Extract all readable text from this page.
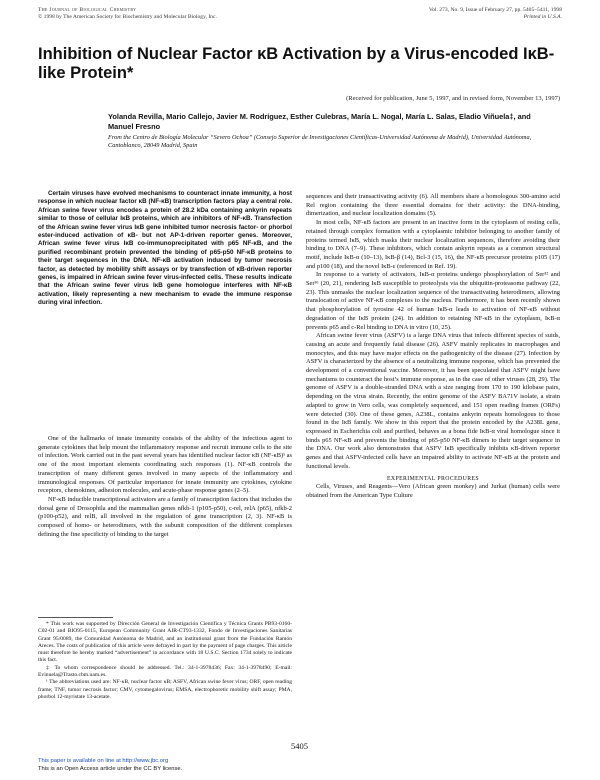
The Journal of Biological Chemistry
© 1998 by The American Society for Biochemistry and Molecular Biology, Inc.
Vol. 273, No. 9, Issue of February 27, pp. 5405–5411, 1998
Printed in U.S.A.
Inhibition of Nuclear Factor κB Activation by a Virus-encoded IκB-like Protein*
(Received for publication, June 5, 1997, and in revised form, November 13, 1997)
Yolanda Revilla, Mario Callejo, Javier M. Rodríguez, Esther Culebras, María L. Nogal, María L. Salas, Eladio Viñuela‡, and Manuel Fresno
From the Centro de Biología Molecular “Severo Ochoa” (Consejo Superior de Investigaciones Científicas-Universidad Autónoma de Madrid), Universidad Autónoma, Cantoblanco, 28049 Madrid, Spain
Certain viruses have evolved mechanisms to counteract innate immunity, a host response in which nuclear factor κB (NF-κB) transcription factors play a central role. African swine fever virus encodes a protein of 28.2 kDa containing ankyrin repeats similar to those of cellular IκB proteins, which are inhibitors of NF-κB. Transfection of the African swine fever virus IκB gene inhibited tumor necrosis factor- or phorbol ester-induced activation of κB- but not AP-1-driven reporter genes. Moreover, African swine fever virus IκB co-immunoprecipitated with p65 NF-κB, and the purified recombinant protein prevented the binding of p65-p50 NF-κB proteins to their target sequences in the DNA. NF-κB activation induced by tumor necrosis factor, as detected by mobility shift assays or by transfection of κB-driven reporter genes, is impaired in African swine fever virus-infected cells. These results indicate that the African swine fever virus IκB gene homologue interferes with NF-κB activation, likely representing a new mechanism to evade the immune response during viral infection.

One of the hallmarks of innate immunity consists of the ability of the infectious agent to generate cytokines that help mount the inflammatory response and recruit immune cells to the site of infection. Work carried out in the past several years has identified nuclear factor κB (NF-κB)¹ as one of the most important elements coordinating such responses (1). NF-κB controls the transcription of many different genes involved in many aspects of the inflammatory and immunological responses. Of particular importance for innate immunity are cytokines, cytokine receptors, chemokines, adhesion molecules, and acute-phase response genes (2–5).

NF-κB inducible transcriptional activators are a family of transcription factors that includes the dorsal gene of Drosophila and the mammalian genes nfkb-1 (p105-p50), c-rel, relA (p65), nfkb-2 (p100-p52), and relB, all involved in the regulation of gene transcription (2, 3). NF-κB is composed of homo- or heterodimers, with the subunit composition of the different complexes defining the fine specificity of binding to the target

* This work was supported by Dirección General de Investigación Científica y Técnica Grants PB93-0160-C02-01 and BIO95-0115, European Community Grant AIR-CT93-1332, Fondo de Investigaciones Sanitarias Grant 95/0089, the Comunidad Autónoma de Madrid, and an institutional grant from the Fundación Ramón Areces. The costs of publication of this article were defrayed in part by the payment of page charges. This article must therefore be hereby marked “advertisement” in accordance with 18 U.S.C. Section 1734 solely to indicate this fact.

‡ To whom correspondence should be addressed. Tel.: 34-1-3978436; Fax: 34-1-3978490; E-mail: Evinuela@Trasto.cbm.uam.es.

¹ The abbreviations used are: NF-κB, nuclear factor κB; ASFV, African swine fever virus; ORF, open reading frame; TNF, tumor necrosis factor; CMV, cytomegalovirus; EMSA, electrophoretic mobility shift assay; PMA, phorbol 12-myristate 13-acetate.

sequences and their transactivating activity (6). All members share a homologous 300-amino acid Rel region containing the three essential domains for their activity: the DNA-binding, dimerization, and nuclear localization domains (5).

In most cells, NF-κB factors are present in an inactive form in the cytoplasm of resting cells, retained through complex formation with a cytoplasmic inhibitor belonging to another family of proteins termed IκB, which masks their nuclear localization sequences, therefore avoiding their binding to DNA (7–9). These inhibitors, which contain ankyrin repeats as a common structural motif, include IκB-α (10–13), IκB-β (14), Bcl-3 (15, 16), the NF-κB precursor proteins p105 (17) and p100 (18), and the novel IκB-ε (referenced in Ref. 19).

In response to a variety of activators, IκB-α proteins undergo phosphorylation of Ser³² and Ser³⁶ (20, 21), rendering IκB susceptible to proteolysis via the ubiquitin-proteasome pathway (22, 23). This unmasks the nuclear localization sequence of the transactivating heterodimers, allowing translocation of active NF-κB complexes to the nucleus. Furthermore, it has been recently shown that phosphorylation of tyrosine 42 of human IκB-α leads to activation of NF-κB without degradation of the IκB protein (24). In addition to retaining NF-κB in the cytoplasm, IκB-α prevents p65 and c-Rel binding to DNA in vitro (10, 25).

African swine fever virus (ASFV) is a large DNA virus that infects different species of suids, causing an acute and frequently fatal disease (26). ASFV mainly replicates in macrophages and monocytes, and this may have major effects on the pathogenicity of the disease (27). Infection by ASFV is characterized by the absence of a neutralizing immune response, which has prevented the development of a conventional vaccine. Moreover, it has been speculated that ASFV might have mechanisms to counteract the host’s immune response, as in the case of other viruses (28, 29). The genome of ASFV is a double-stranded DNA with a size ranging from 170 to 190 kilobase pairs, depending on the virus strain. Recently, the entire genome of the ASFV BA71V isolate, a strain adapted to grow in Vero cells, was completely sequenced, and 151 open reading frames (ORFs) were detected (30). One of these genes, A238L, contains ankyrin repeats homologous to those found in the IκB family. We show in this report that the protein encoded by the A238L gene, expressed in Escherichia coli and purified, behaves as a bona fide IκB-α viral homologue since it binds p65 NF-κB and prevents the binding of p65-p50 NF-κB dimers to their target sequence in the DNA. Our work also demonstrates that ASFV IκB specifically inhibits κB-driven reporter genes and that ASFV-infected cells have an impaired ability to activate NF-κB at the protein and functional levels.

EXPERIMENTAL PROCEDURES

Cells, Viruses, and Reagents—Vero (African green monkey) and Jurkat (human) cells were obtained from the American Type Culture

5405
This paper is available on line at http://www.jbc.org
This is an Open Access article under the CC BY license.
